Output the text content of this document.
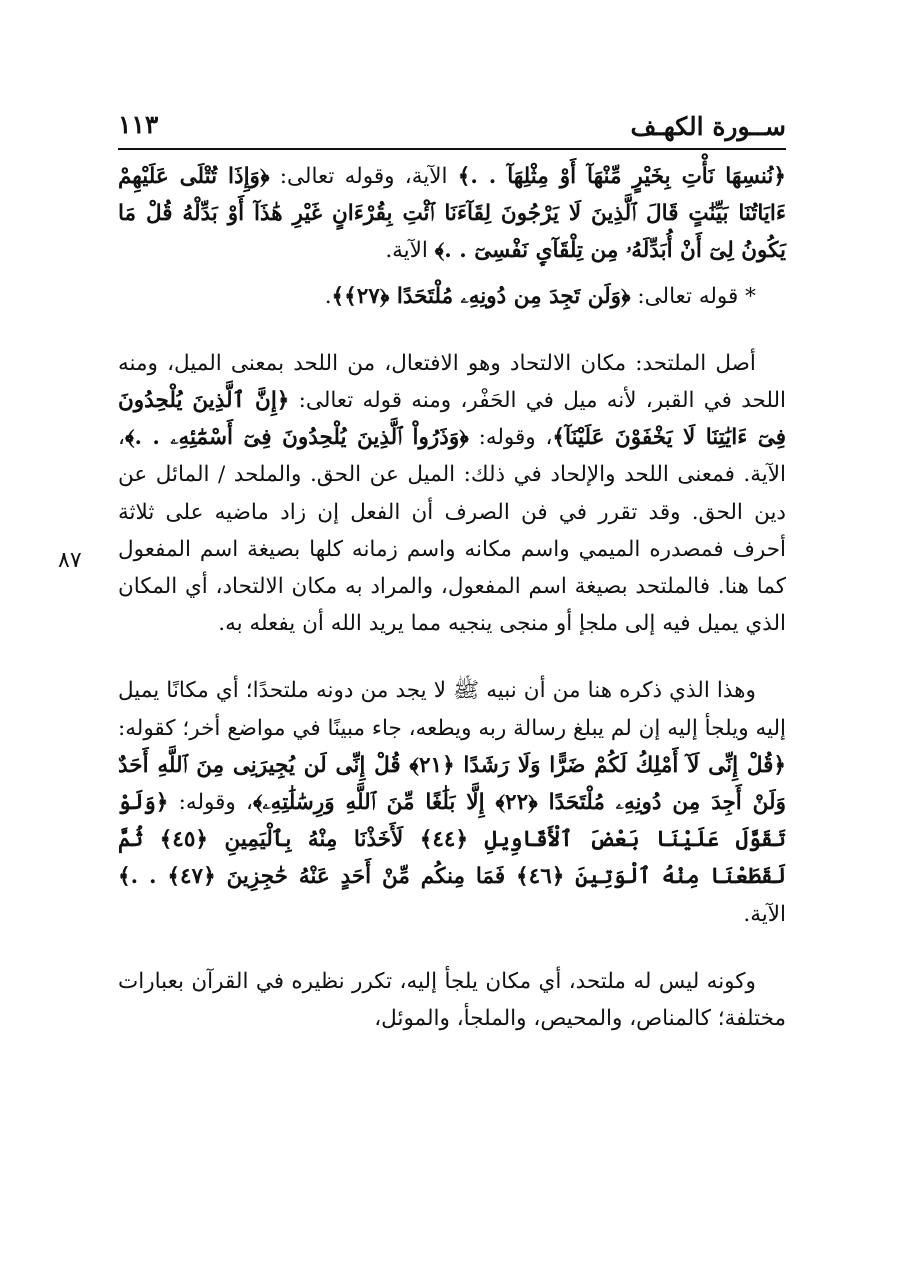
ســورة الكهـف
١١٣
٨٧

﴿نُنسِهَا نَأْتِ بِخَيْرٍ مِّنْهَآ أَوْ مِثْلِهَآ . .﴾ الآية، وقوله تعالى: ﴿وَإِذَا تُتْلَى عَلَيْهِمْ ءَايَاتُنَا بَيِّنَٰتٍ قَالَ ٱلَّذِينَ لَا يَرْجُونَ لِقَآءَنَا ٱئْتِ بِقُرْءَانٍ غَيْرِ هَٰذَآ أَوْ بَدِّلْهُ قُلْ مَا يَكُونُ لِىٓ أَنْ أُبَدِّلَهُۥ مِن تِلْقَآىِٕ نَفْسِىٓ . .﴾ الآية.

* قوله تعالى: ﴿وَلَن تَجِدَ مِن دُونِهِۦ مُلْتَحَدًا ﴿٢٧﴾﴾.

أصل الملتحد: مكان الالتحاد وهو الافتعال، من اللحد بمعنى الميل، ومنه اللحد في القبر، لأنه ميل في الحَفْر، ومنه قوله تعالى: ﴿إِنَّ ٱلَّذِينَ يُلْحِدُونَ فِىٓ ءَايَٰتِنَا لَا يَخْفَوْنَ عَلَيْنَآ﴾، وقوله: ﴿وَذَرُواْ ٱلَّذِينَ يُلْحِدُونَ فِىٓ أَسْمَٰٓئِهِۦ . .﴾، الآية. فمعنى اللحد والإلحاد في ذلك: الميل عن الحق. والملحد / المائل عن دين الحق. وقد تقرر في فن الصرف أن الفعل إن زاد ماضيه على ثلاثة أحرف فمصدره الميمي واسم مكانه واسم زمانه كلها بصيغة اسم المفعول كما هنا. فالملتحد بصيغة اسم المفعول، والمراد به مكان الالتحاد، أي المكان الذي يميل فيه إلى ملجإ أو منجى ينجيه مما يريد الله أن يفعله به.

وهذا الذي ذكره هنا من أن نبيه ﷺ لا يجد من دونه ملتحدًا؛ أي مكانًا يميل إليه ويلجأ إليه إن لم يبلغ رسالة ربه ويطعه، جاء مبينًا في مواضع أخر؛ كقوله: ﴿قُلْ إِنِّى لَآ أَمْلِكُ لَكُمْ ضَرًّا وَلَا رَشَدًا ﴿٢١﴾ قُلْ إِنِّى لَن يُجِيرَنِى مِنَ ٱللَّهِ أَحَدٌ وَلَنْ أَجِدَ مِن دُونِهِۦ مُلْتَحَدًا ﴿٢٢﴾ إِلَّا بَلَٰغًا مِّنَ ٱللَّهِ وَرِسَٰلَٰتِهِۦ﴾، وقوله: ﴿وَلَوْ تَقَوَّلَ عَلَيْنَا بَعْضَ ٱلْأَقَاوِيلِ ﴿٤٤﴾ لَأَخَذْنَا مِنْهُ بِٱلْيَمِينِ ﴿٤٥﴾ ثُمَّ لَقَطَعْنَا مِنْهُ ٱلْوَتِينَ ﴿٤٦﴾ فَمَا مِنكُم مِّنْ أَحَدٍ عَنْهُ حَٰجِزِينَ ﴿٤٧﴾ . .﴾ الآية.

وكونه ليس له ملتحد، أي مكان يلجأ إليه، تكرر نظيره في القرآن بعبارات مختلفة؛ كالمناص، والمحيص، والملجأ، والموئل،
